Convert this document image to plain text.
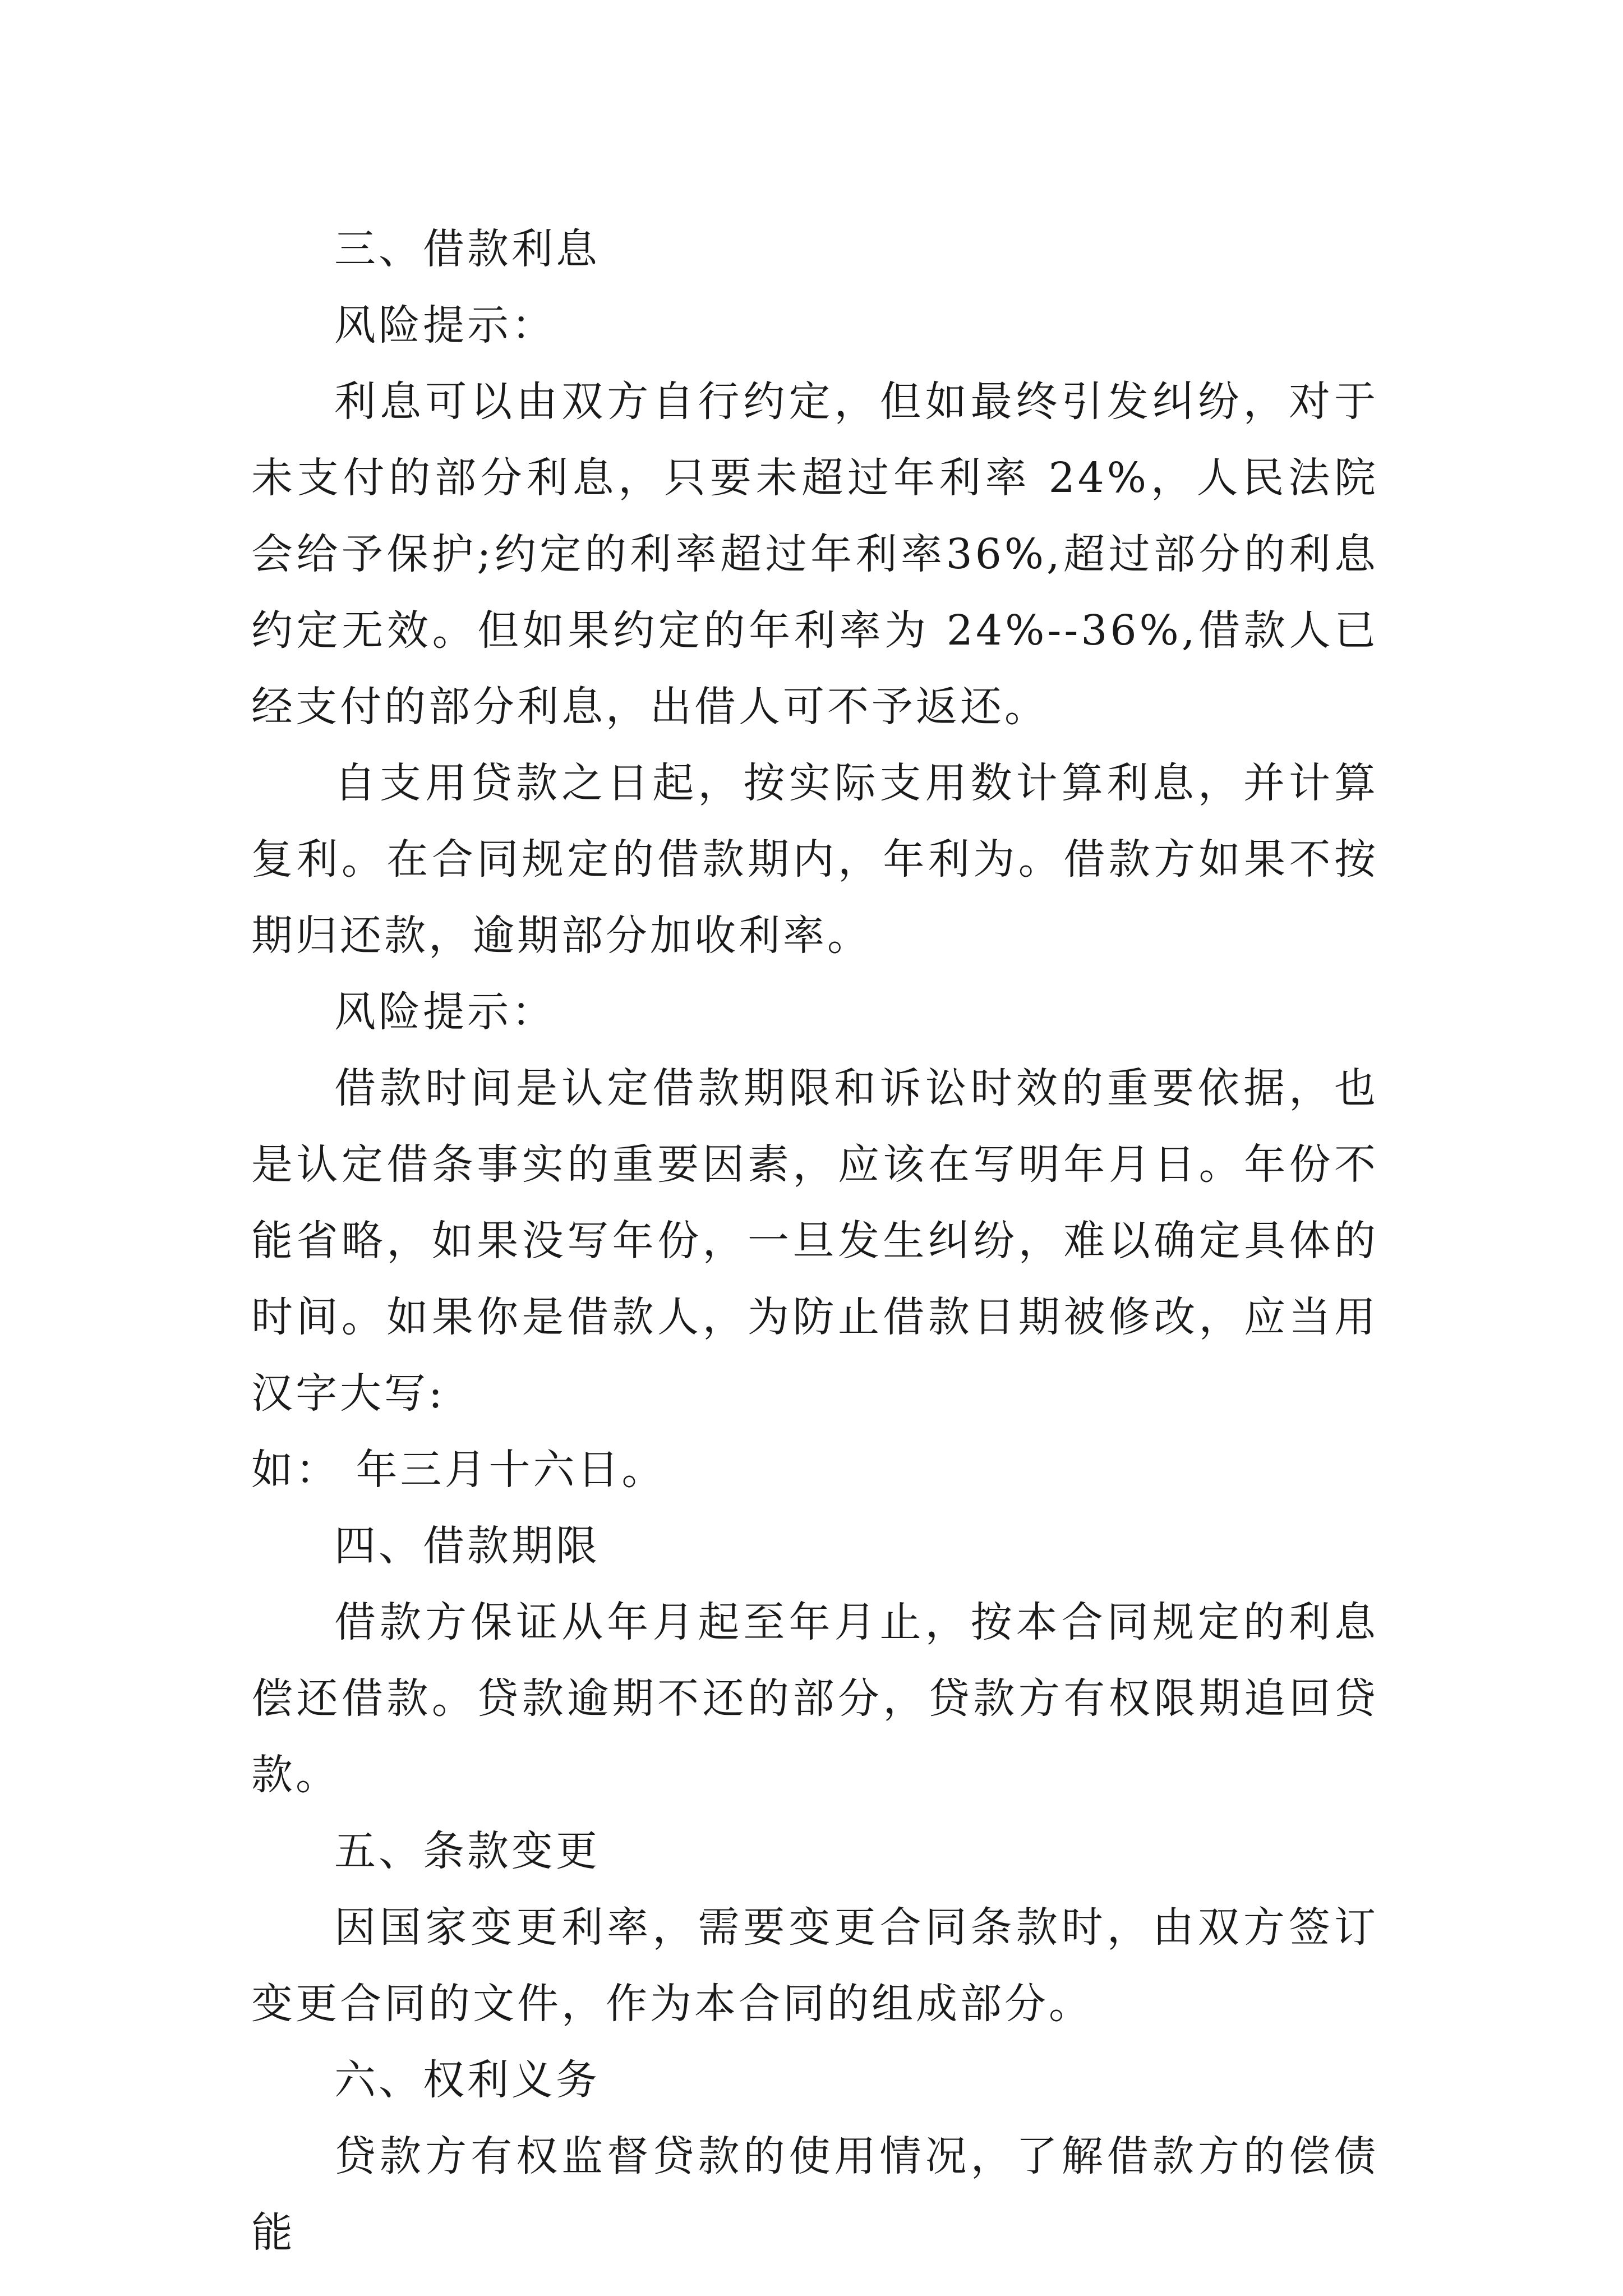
三、借款利息

风险提示：

利息可以由双方自行约定，但如最终引发纠纷，对于未支付的部分利息，只要未超过年利率 24%，人民法院会给予保护;约定的利率超过年利率36%,超过部分的利息约定无效。但如果约定的年利率为 24%--36%,借款人已经支付的部分利息，出借人可不予返还。

自支用贷款之日起，按实际支用数计算利息，并计算复利。在合同规定的借款期内，年利为。借款方如果不按期归还款，逾期部分加收利率。

风险提示：

借款时间是认定借款期限和诉讼时效的重要依据，也是认定借条事实的重要因素，应该在写明年月日。年份不能省略，如果没写年份，一旦发生纠纷，难以确定具体的时间。如果你是借款人，为防止借款日期被修改，应当用汉字大写:

如： 年三月十六日。

四、借款期限

借款方保证从年月起至年月止，按本合同规定的利息偿还借款。贷款逾期不还的部分，贷款方有权限期追回贷款。

五、条款变更

因国家变更利率，需要变更合同条款时，由双方签订变更合同的文件，作为本合同的组成部分。

六、权利义务

贷款方有权监督贷款的使用情况，了解借款方的偿债能
